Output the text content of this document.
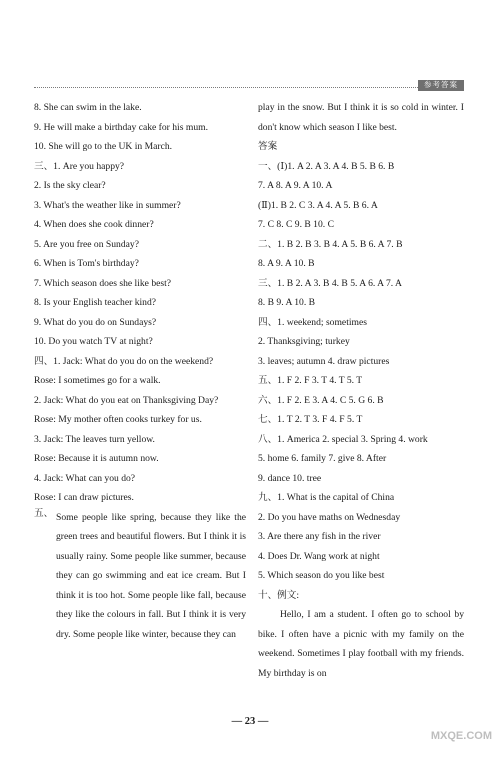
参考答案

8. She can swim in the lake.

9. He will make a birthday cake for his mum.

10. She will go to the UK in March.

三、1. Are you happy?

2. Is the sky clear?

3. What's the weather like in summer?

4. When does she cook dinner?

5. Are you free on Sunday?

6. When is Tom's birthday?

7. Which season does she like best?

8. Is your English teacher kind?

9. What do you do on Sundays?

10. Do you watch TV at night?

四、1. Jack: What do you do on the weekend?

Rose: I sometimes go for a walk.

2. Jack: What do you eat on Thanksgiving Day?

Rose: My mother often cooks turkey for us.

3. Jack: The leaves turn yellow.

Rose: Because it is autumn now.

4. Jack: What can you do?

Rose: I can draw pictures.

五、 Some people like spring, because they like the green trees and beautiful flowers. But I think it is usually rainy. Some people like summer, because they can go swimming and eat ice cream. But I think it is too hot. Some people like fall, because they like the colours in fall. But I think it is very dry. Some people like winter, because they can

play in the snow. But I think it is so cold in winter. I don't know which season I like best.

答案

一、(Ⅰ)1. A 2. A 3. A 4. B 5. B 6. B

7. A 8. A 9. A 10. A

(Ⅱ)1. B 2. C 3. A 4. A 5. B 6. A

7. C 8. C 9. B 10. C

二、1. B 2. B 3. B 4. A 5. B 6. A 7. B

8. A 9. A 10. B

三、1. B 2. A 3. B 4. B 5. A 6. A 7. A

8. B 9. A 10. B

四、1. weekend; sometimes

2. Thanksgiving; turkey

3. leaves; autumn 4. draw pictures

五、1. F 2. F 3. T 4. T 5. T

六、1. F 2. E 3. A 4. C 5. G 6. B

七、1. T 2. T 3. F 4. F 5. T

八、1. America 2. special 3. Spring 4. work

5. home 6. family 7. give 8. After

9. dance 10. tree

九、1. What is the capital of China

2. Do you have maths on Wednesday

3. Are there any fish in the river

4. Does Dr. Wang work at night

5. Which season do you like best

十、例文:

Hello, I am a student. I often go to school by bike. I often have a picnic with my family on the weekend. Sometimes I play football with my friends. My birthday is on

— 23 —
MXQE.COM
